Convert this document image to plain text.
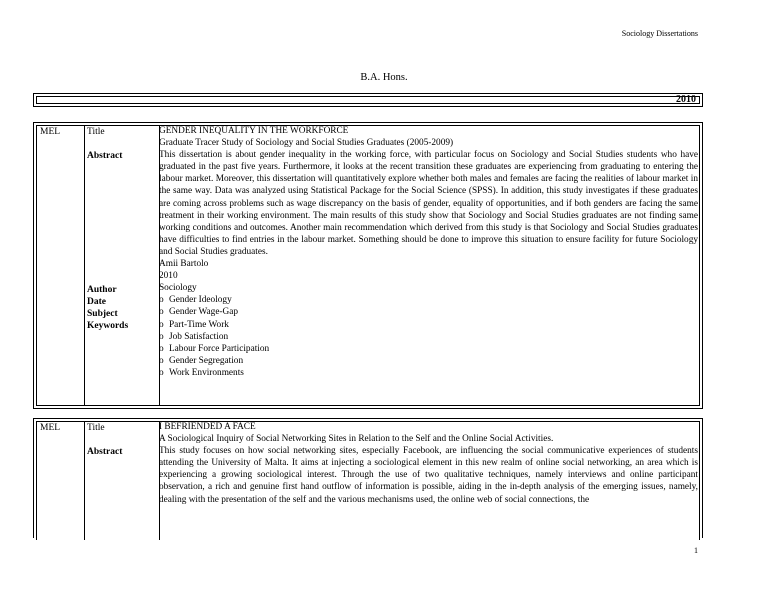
Sociology Dissertations
B.A. Hons.
2010
MEL	Title
Abstract
Author
Date
Subject
Keywords
GENDER INEQUALITY IN THE WORKFORCE
Graduate Tracer Study of Sociology and Social Studies Graduates (2005-2009)
This dissertation is about gender inequality in the working force, with particular focus on Sociology and Social Studies students who have graduated in the past five years. Furthermore, it looks at the recent transition these graduates are experiencing from graduating to entering the labour market. Moreover, this dissertation will quantitatively explore whether both males and females are facing the realities of labour market in the same way. Data was analyzed using Statistical Package for the Social Science (SPSS). In addition, this study investigates if these graduates are coming across problems such as wage discrepancy on the basis of gender, equality of opportunities, and if both genders are facing the same treatment in their working environment. The main results of this study show that Sociology and Social Studies graduates are not finding same working conditions and outcomes. Another main recommendation which derived from this study is that Sociology and Social Studies graduates have difficulties to find entries in the labour market. Something should be done to improve this situation to ensure facility for future Sociology and Social Studies graduates.
Amii Bartolo
2010
Sociology
o Gender Ideology
o Gender Wage-Gap
o Part-Time Work
o Job Satisfaction
o Labour Force Participation
o Gender Segregation
o Work Environments
MEL	Title
Abstract
I BEFRIENDED A FACE
A Sociological Inquiry of Social Networking Sites in Relation to the Self and the Online Social Activities.
This study focuses on how social networking sites, especially Facebook, are influencing the social communicative experiences of students attending the University of Malta. It aims at injecting a sociological element in this new realm of online social networking, an area which is experiencing a growing sociological interest. Through the use of two qualitative techniques, namely interviews and online participant observation, a rich and genuine first hand outflow of information is possible, aiding in the in-depth analysis of the emerging issues, namely, dealing with the presentation of the self and the various mechanisms used, the online web of social connections, the
1
